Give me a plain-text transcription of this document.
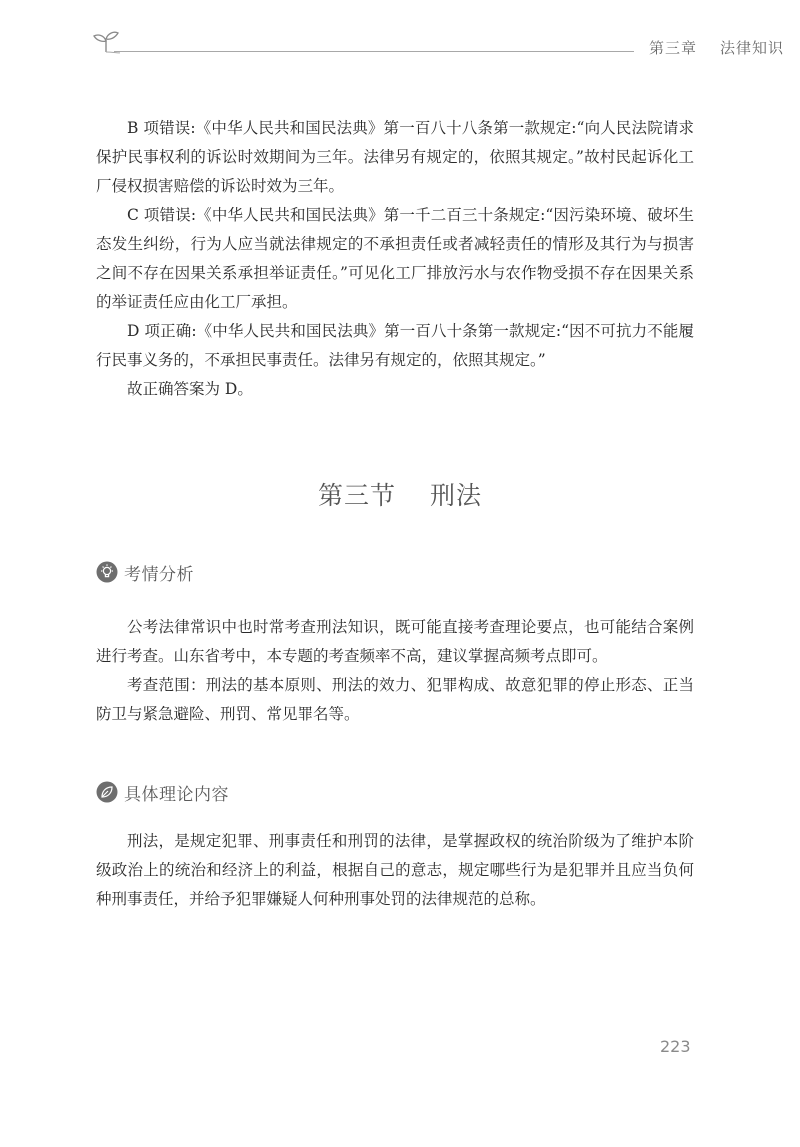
第三章 法律知识

B 项错误:《中华人民共和国民法典》第一百八十八条第一款规定:“向人民法院请求保护民事权利的诉讼时效期间为三年。法律另有规定的，依照其规定。”故村民起诉化工厂侵权损害赔偿的诉讼时效为三年。

C 项错误:《中华人民共和国民法典》第一千二百三十条规定:“因污染环境、破坏生态发生纠纷，行为人应当就法律规定的不承担责任或者减轻责任的情形及其行为与损害之间不存在因果关系承担举证责任。”可见化工厂排放污水与农作物受损不存在因果关系的举证责任应由化工厂承担。

D 项正确:《中华人民共和国民法典》第一百八十条第一款规定:“因不可抗力不能履行民事义务的，不承担民事责任。法律另有规定的，依照其规定。”

故正确答案为 D。

第三节 刑法
考情分析

公考法律常识中也时常考查刑法知识，既可能直接考查理论要点，也可能结合案例进行考查。山东省考中，本专题的考查频率不高，建议掌握高频考点即可。

考查范围：刑法的基本原则、刑法的效力、犯罪构成、故意犯罪的停止形态、正当防卫与紧急避险、刑罚、常见罪名等。

具体理论内容

刑法，是规定犯罪、刑事责任和刑罚的法律，是掌握政权的统治阶级为了维护本阶级政治上的统治和经济上的利益，根据自己的意志，规定哪些行为是犯罪并且应当负何种刑事责任，并给予犯罪嫌疑人何种刑事处罚的法律规范的总称。

223
